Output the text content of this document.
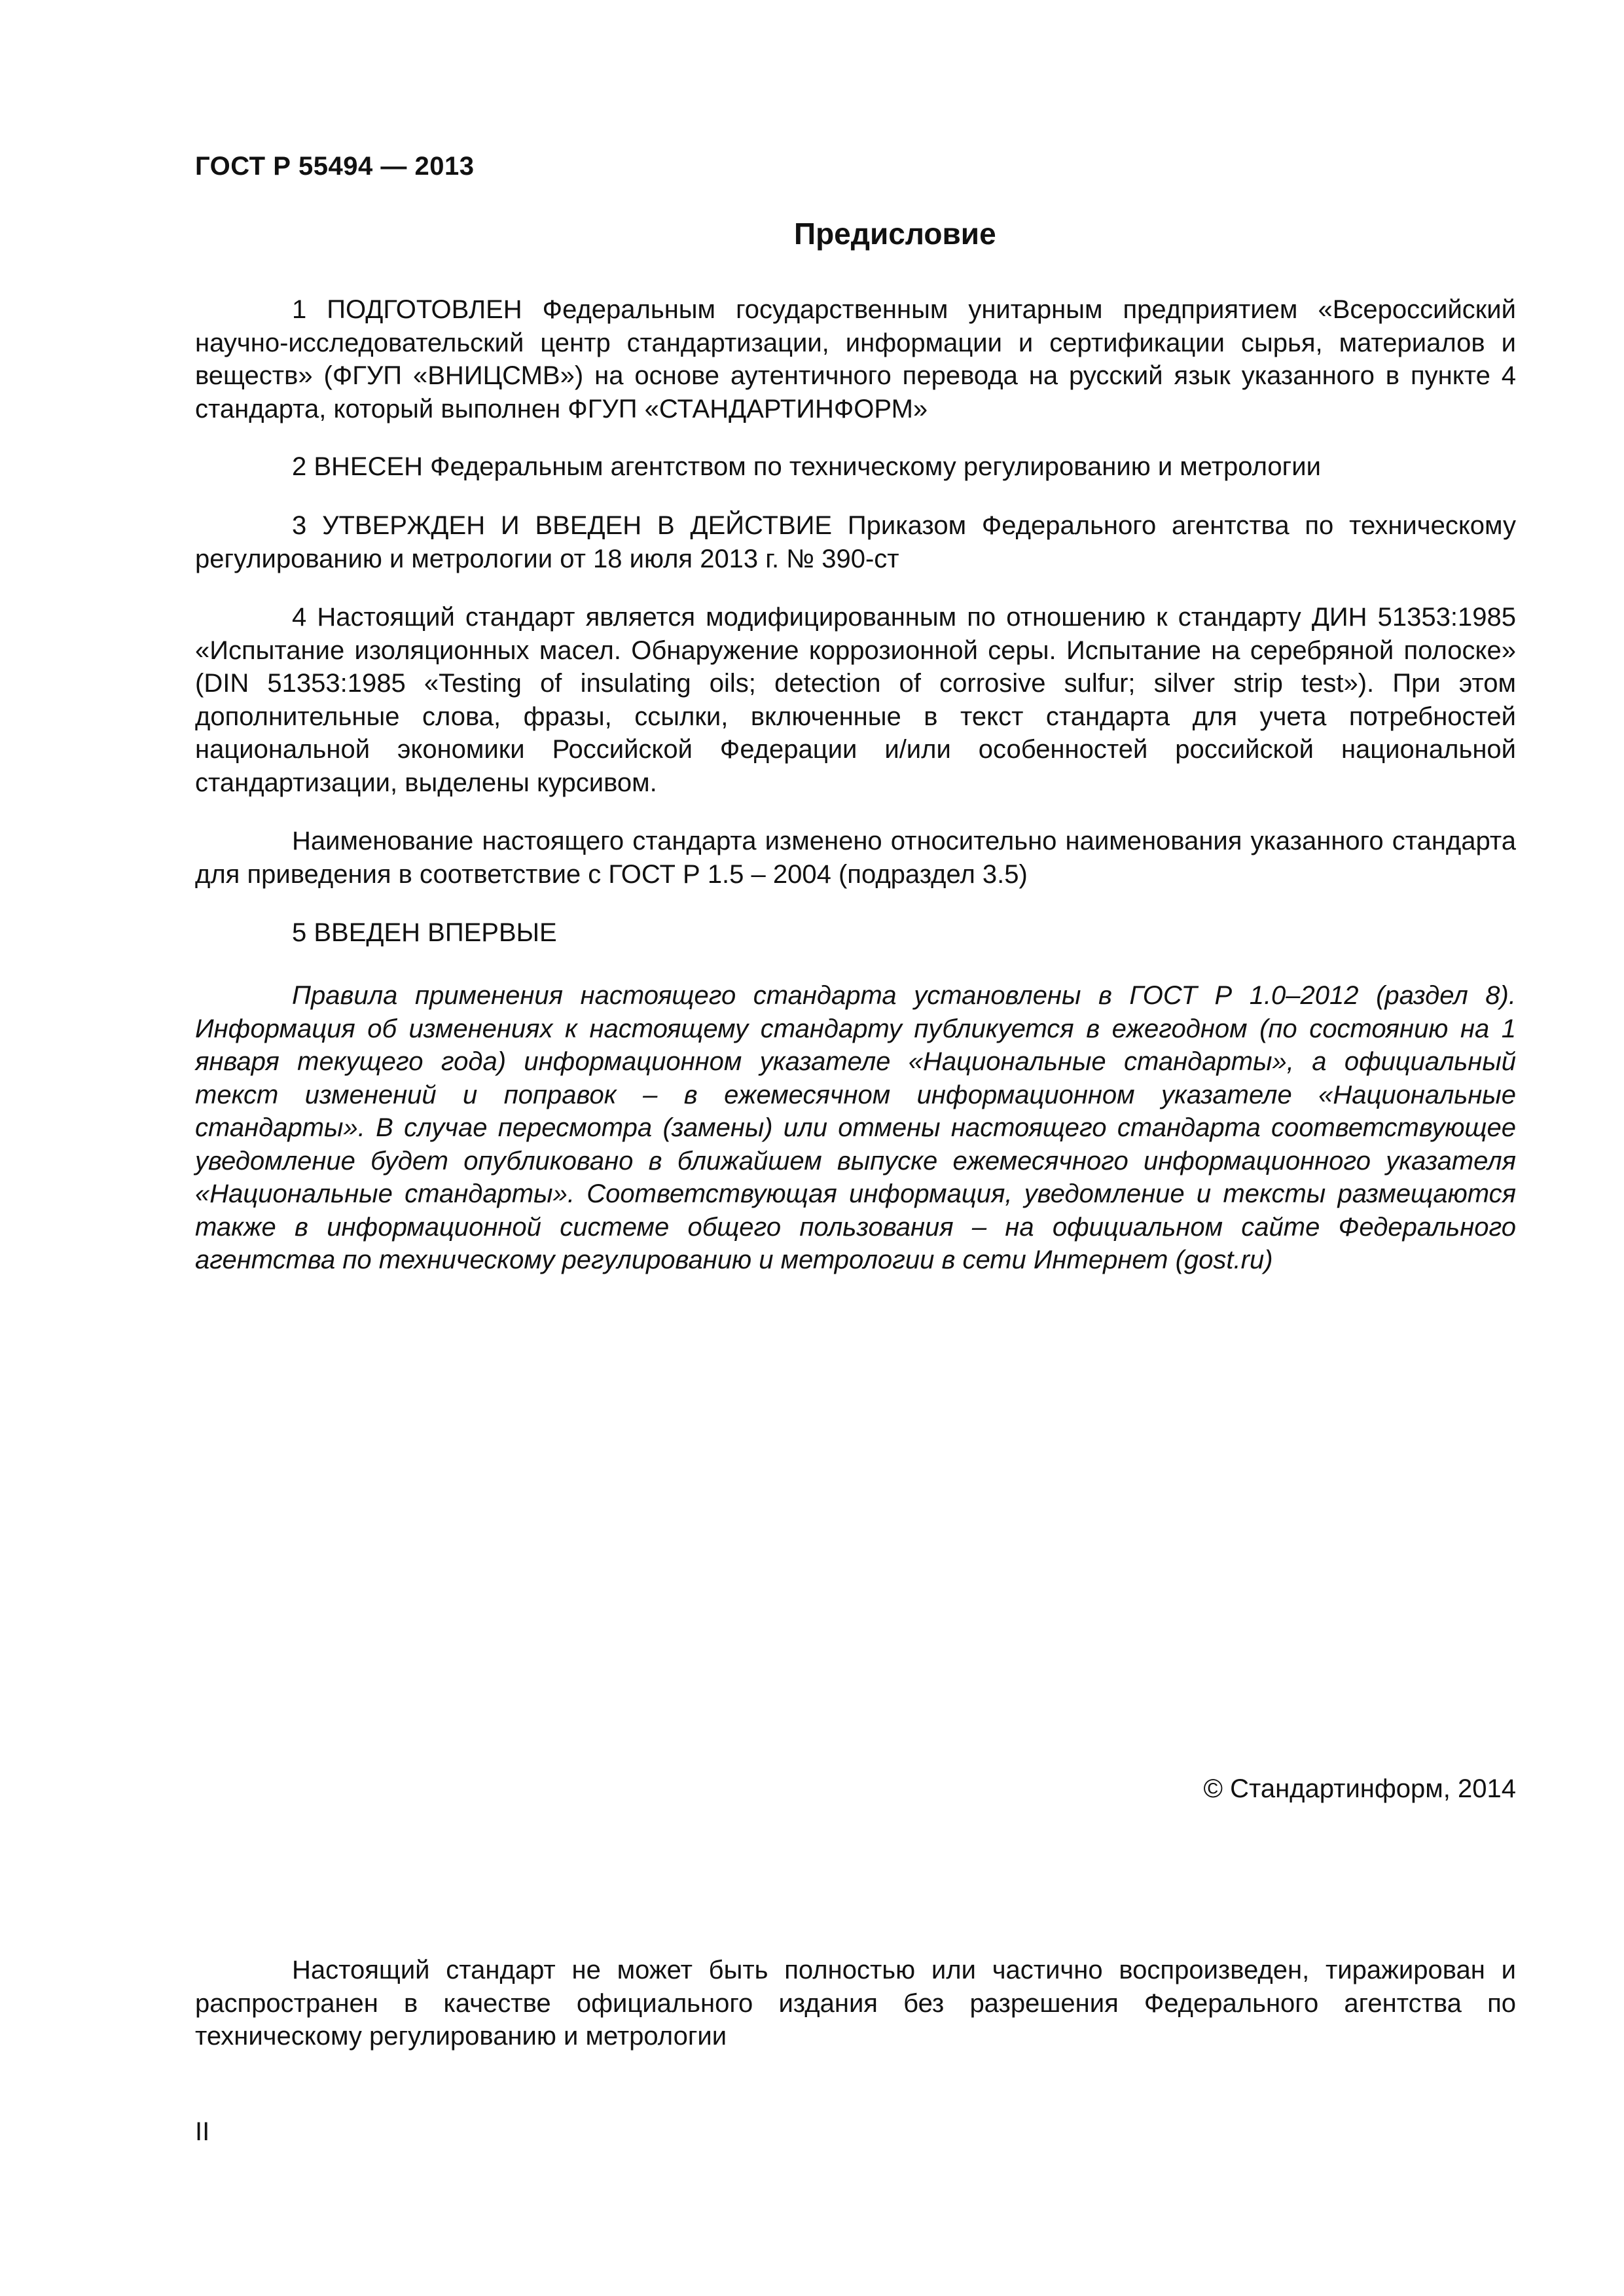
ГОСТ Р 55494 — 2013
Предисловие

1 ПОДГОТОВЛЕН Федеральным государственным унитарным предприятием «Всероссийский научно-исследовательский центр стандартизации, информации и сертификации сырья, материалов и веществ» (ФГУП «ВНИЦСМВ») на основе аутентичного перевода на русский язык указанного в пункте 4 стандарта, который выполнен ФГУП «СТАНДАРТИНФОРМ»

2 ВНЕСЕН Федеральным агентством по техническому регулированию и метрологии

3 УТВЕРЖДЕН И ВВЕДЕН В ДЕЙСТВИЕ Приказом Федерального агентства по техническому регулированию и метрологии от 18 июля 2013 г. № 390-ст

4 Настоящий стандарт является модифицированным по отношению к стандарту ДИН 51353:1985 «Испытание изоляционных масел. Обнаружение коррозионной серы. Испытание на серебряной полоске» (DIN 51353:1985 «Testing of insulating oils; detection of corrosive sulfur; silver strip test»). При этом дополнительные слова, фразы, ссылки, включенные в текст стандарта для учета потребностей национальной экономики Российской Федерации и/или особенностей российской национальной стандартизации, выделены курсивом.

Наименование настоящего стандарта изменено относительно наименования указанного стандарта для приведения в соответствие с ГОСТ Р 1.5 – 2004 (подраздел 3.5)

5 ВВЕДЕН ВПЕРВЫЕ

Правила применения настоящего стандарта установлены в ГОСТ Р 1.0–2012 (раздел 8). Информация об изменениях к настоящему стандарту публикуется в ежегодном (по состоянию на 1 января текущего года) информационном указателе «Национальные стандарты», а официальный текст изменений и поправок – в ежемесячном информационном указателе «Национальные стандарты». В случае пересмотра (замены) или отмены настоящего стандарта соответствующее уведомление будет опубликовано в ближайшем выпуске ежемесячного информационного указателя «Национальные стандарты». Соответствующая информация, уведомление и тексты размещаются также в информационной системе общего пользования – на официальном сайте Федерального агентства по техническому регулированию и метрологии в сети Интернет (gost.ru)

© Стандартинформ, 2014

Настоящий стандарт не может быть полностью или частично воспроизведен, тиражирован и распространен в качестве официального издания без разрешения Федерального агентства по техническому регулированию и метрологии

II
